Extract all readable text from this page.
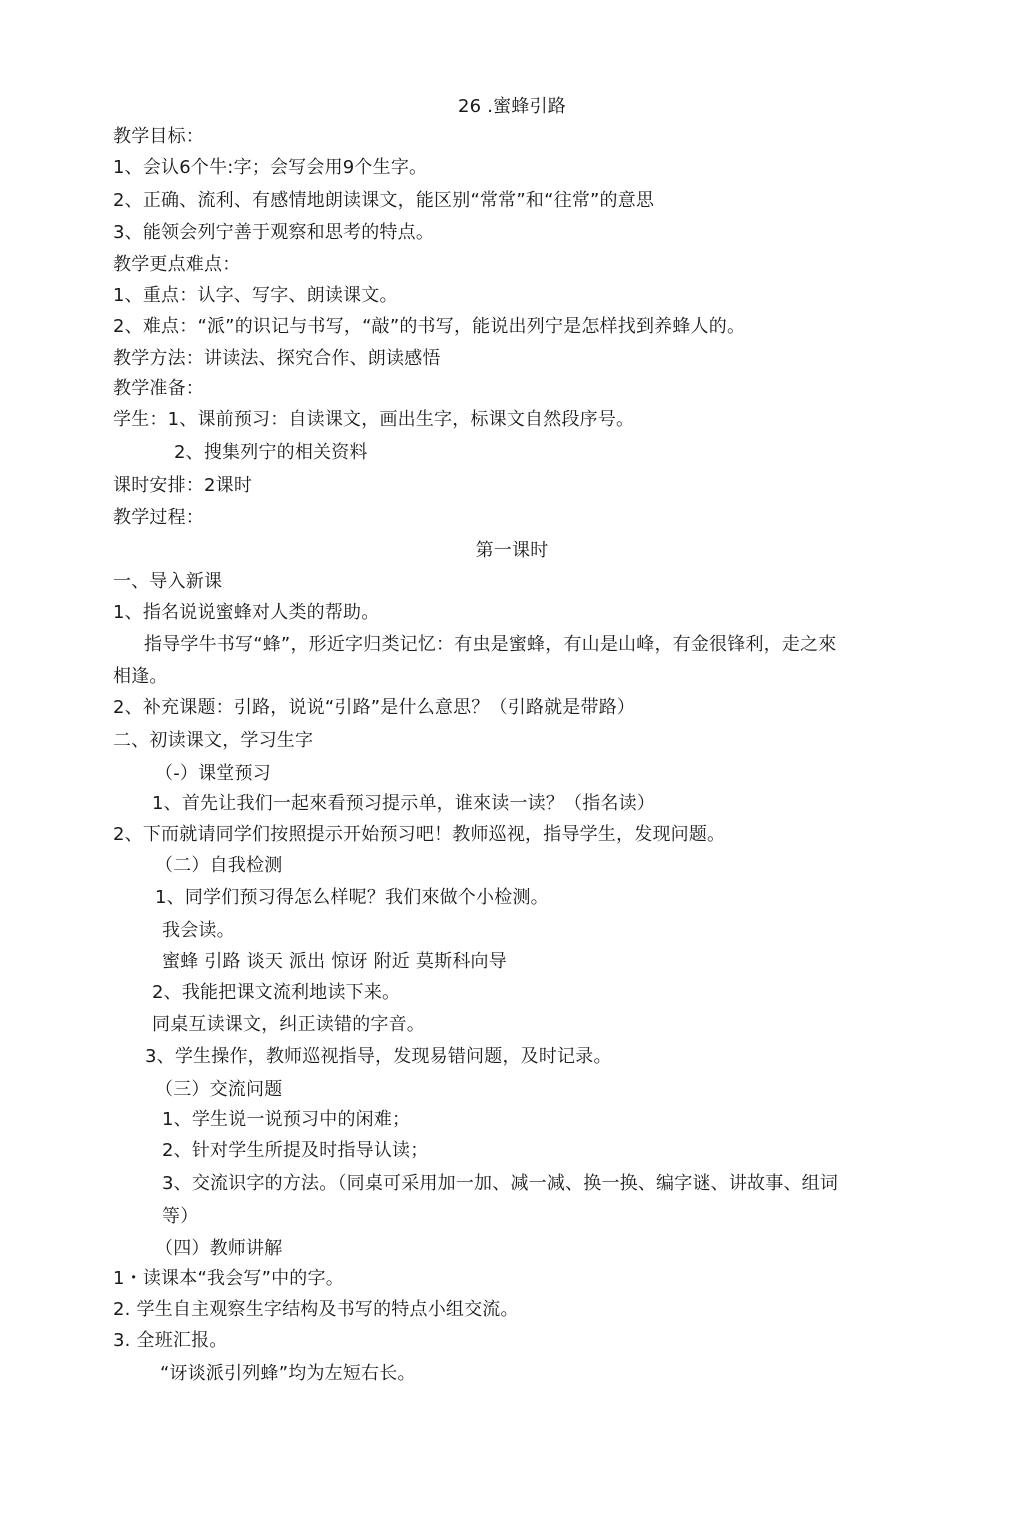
26 .蜜蜂引路
教学目标：
1、会认6个牛:字；会写会用9个生字。
2、正确、流利、有感情地朗读课文，能区别“常常”和“往常”的意思
3、能领会列宁善于观察和思考的特点。
教学更点难点：
1、重点：认字、写字、朗读课文。
2、难点：“派”的识记与书写，“敲”的书写，能说出列宁是怎样找到养蜂人的。
教学方法：讲读法、探究合作、朗读感悟
教学准备：
学生：1、课前预习：自读课文，画出生字，标课文自然段序号。
2、搜集列宁的相关资料
课时安排：2课时
教学过程：
第一课时
一、导入新课
1、指名说说蜜蜂对人类的帮助。
指导学牛书写“蜂”，形近字归类记忆：有虫是蜜蜂，有山是山峰，有金很锋利，走之來
相逢。
2、补充课题：引路，说说“引路”是什么意思？（引路就是带路）
二、初读课文，学习生字
（-）课堂预习
1、首先让我们一起來看预习提示单，谁來读一读？（指名读）
2、下而就请同学们按照提示开始预习吧！教师巡视，指导学生，发现问题。
（二）自我检测
1、同学们预习得怎么样呢？我们來做个小检测。
我会读。
蜜蜂 引路 谈天 派出 惊讶 附近 莫斯科向导
2、我能把课文流利地读下来。
同桌互读课文，纠正读错的字音。
3、学生操作，教师巡视指导，发现易错问题，及时记录。
（三）交流问题
1、学生说一说预习中的闲难；
2、针对学生所提及时指导认读；
3、交流识字的方法。（同桌可采用加一加、减一减、换一换、编字谜、讲故事、组词
等）
（四）教师讲解
1・读课本“我会写”中的字。
2. 学生自主观察生字结构及书写的特点小组交流。
3. 全班汇报。
“讶谈派引列蜂”均为左短右长。
